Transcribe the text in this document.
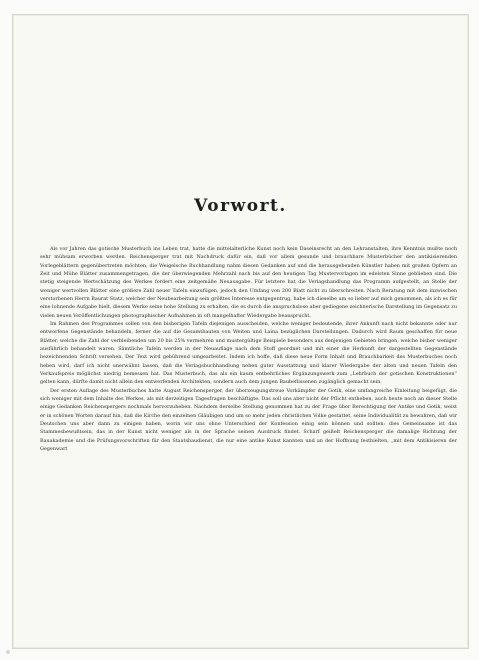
Vorwort.

Als vor Jahren das gotische Musterbuch ins Leben trat, hatte die mittelalterliche Kunst noch kein Daseinsrecht an den Lehranstalten, ihre Kenntnis mußte noch sehr mühsam erworben werden. Reichensperger trat mit Nachdruck dafür ein, daß vor allem gesunde und brauchbare Musterbücher den antikisierenden Vorlegeblättern gegenübertreten möchten, die Weigelsche Buchhandlung nahm diesen Gedanken auf und die herausgebenden Künstler haben mit großen Opfern an Zeit und Mühe Blätter zusammengetragen, die der überwiegenden Mehrzahl nach bis auf den heutigen Tag Mustervorlagen im edelsten Sinne geblieben sind. Die stetig steigende Wertschätzung des Werkes fordert eine zeitgemäße Neuausgabe. Für letztere hat die Verlagshandlung das Programm aufgestellt, an Stelle der weniger wertvollen Blätter eine größere Zahl neuer Tafeln einzufügen, jedoch den Umfang von 200 Blatt nicht zu überschreiten. Nach Beratung mit dem inzwischen verstorbenen Herrn Baurat Statz, welcher der Neubearbeitung sein größtes Interesse entgegentrug, habe ich dieselbe um so lieber auf mich genommen, als ich es für eine lohnende Aufgabe hielt, diesem Werke seine hohe Stellung zu erhalten, die es durch die anspruchslose aber gediegene zeichnerische Darstellung im Gegensatz zu vielen neuen Veröffentlichungen photographischer Aufnahmen in oft mangelhafter Wiedergabe beansprucht.

Im Rahmen des Programmes sollen von den bisherigen Tafeln diejenigen ausscheiden, welche weniger bedeutende, ihrer Ankunft nach nicht bekannte oder nur entworfene Gegenstände behandeln, ferner die auf die Gesamtbauten von Weiten und Laina bezüglichen Darstellungen. Dadurch wird Raum geschaffen für neue Blätter, welche die Zahl der verbleibenden um 20 bis 25% vermehren und mustergültige Beispiele besonders aus denjenigen Gebieten bringen, welche bisher weniger ausführlich behandelt waren. Sämtliche Tafeln werden in der Neuauflage nach dem Stoff geordnet und mit einer die Herkunft der dargestellten Gegenstände bezeichnenden Schrift versehen. Der Text wird gebührend umgearbeitet. Indem ich hoffe, daß diese neue Form Inhalt und Brauchbarkeit des Musterbuches noch heben wird, darf ich nicht unerwähnt lassen, daß die Verlagsbuchhandlung neben guter Ausstattung und klarer Wiedergabe der alten und neuen Tafeln den Verkaufspreis möglichst niedrig bemessen hat. Das Musterbuch, das als ein kaum entbehrliches Ergänzungswerk zum „Lehrbuch der gotischen Konstruktionen“ gelten kann, dürfte damit nicht allein den entwerfenden Architekten, sondern auch dem jungen Baubeflissenen zugänglich gemacht sein.

Der ersten Auflage des Musterbuches hatte August Reichensperger, der überzeugungstreue Vorkämpfer der Gotik, eine umfangreiche Einleitung beigefügt, die sich weniger mit dem Inhalte des Werkes, als mit derzeitigen Tagesfragen beschäftigte. Das soll uns aber nicht der Pflicht entheben, auch heute noch an dieser Stelle einige Gedanken Reichenspergers nochmals hervorzuheben. Nachdem derselbe Stellung genommen hat zu der Frage über Berechtigung der Antike und Gotik, weist er in schönen Worten darauf hin, daß die Kirche den einzelnen Gläubigen und um so mehr jeden christlichen Volke gestattet, seine Individualität zu bewahren, daß wir Deutschen uns aber dann zu einigen haben, worin wir uns ohne Unterschied der Konfession einig sein können und sollten: dies Gemeinsame ist das Stammesbewußtsein, das in der Kunst nicht weniger als in der Sprache seinen Ausdruck findet. Scharf geißelt Reichensperger die damalige Richtung der Bauakademie und die Prüfungsvorschriften für den Staatsbaudienst, die nur eine antike Kunst kannten und an der Hoffnung festhielten, „mit dem Antikisieren der Gegenwart
